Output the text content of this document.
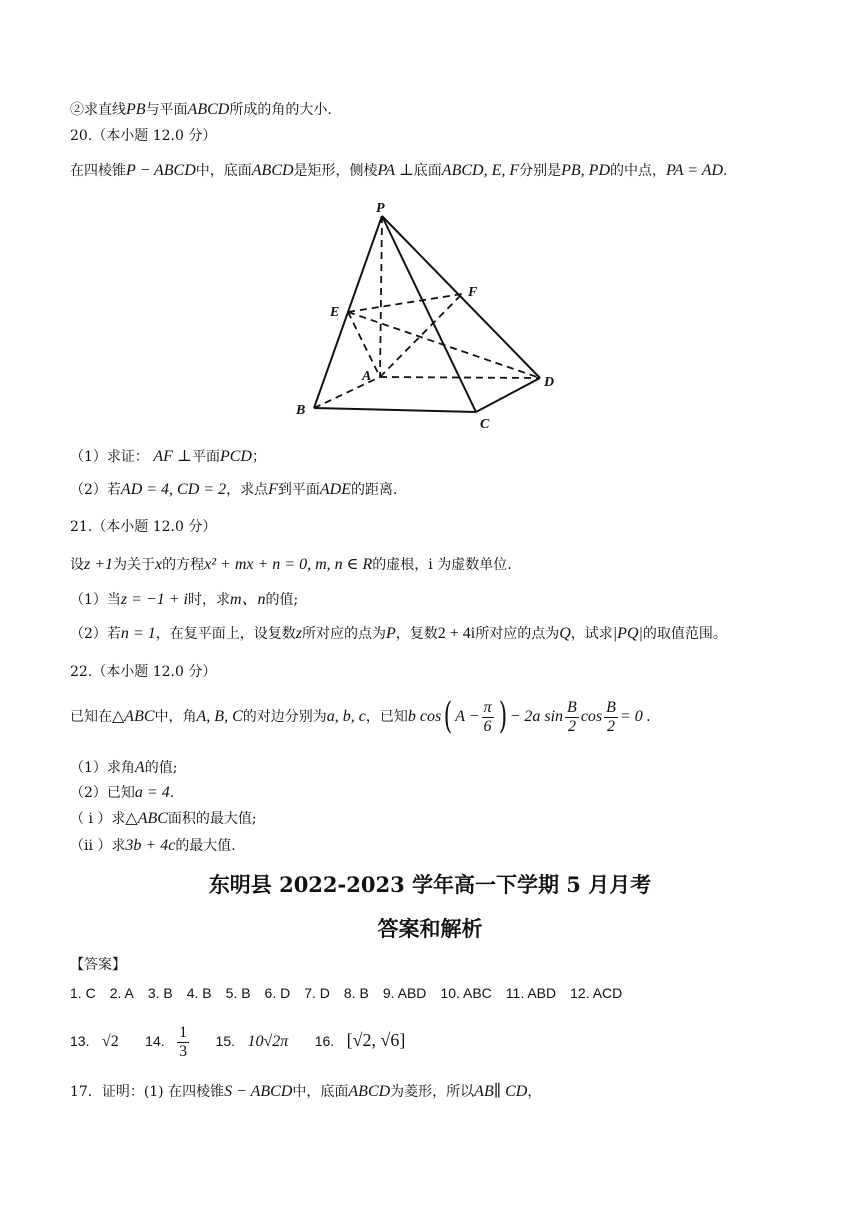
②求直线PB与平面ABCD所成的角的大小.
20.（本小题 12.0 分）
在四棱锥P − ABCD中，底面ABCD是矩形，侧棱PA ⊥底面ABCD, E, F分别是PB, PD的中点，PA = AD.
P
E
F
A
B
C
D
（1）求证： AF ⊥平面PCD；
（2）若AD = 4, CD = 2，求点F到平面ADE的距离.
21.（本小题 12.0 分）
设z +1为关于x的方程x² + mx + n = 0, m, n ∈ R的虚根，i 为虚数单位.
（1）当z = −1 + i时，求m、n的值;
（2）若n = 1，在复平面上，设复数z所对应的点为P，复数2 + 4i所对应的点为Q，试求|PQ|的取值范围。
22.（本小题 12.0 分）
已知在△ABC中，角A, B, C的对边分别为a, b, c，已知b cos( $A - \frac{\pi}{6}$ ) − 2a $\sin \frac{B}{2}$ $\cos \frac{B}{2} = 0$ .
（1）求角A的值;
（2）已知a = 4.
（ i ）求△ABC面积的最大值;
（ii ）求3b + 4c的最大值.
东明县 2022-2023 学年高一下学期 5 月月考
答案和解析
【答案】
1. C 2. A 3. B 4. B 5. B 6. D 7. D 8. B 9. ABD 10. ABC 11. ABD 12. ACD
13. √2 14. $\frac{1}{3} 15$. 10√2π 16. [√2, √6]
17．证明：(1) 在四棱锥S − ABCD中，底面ABCD为菱形，所以AB∥ CD，
